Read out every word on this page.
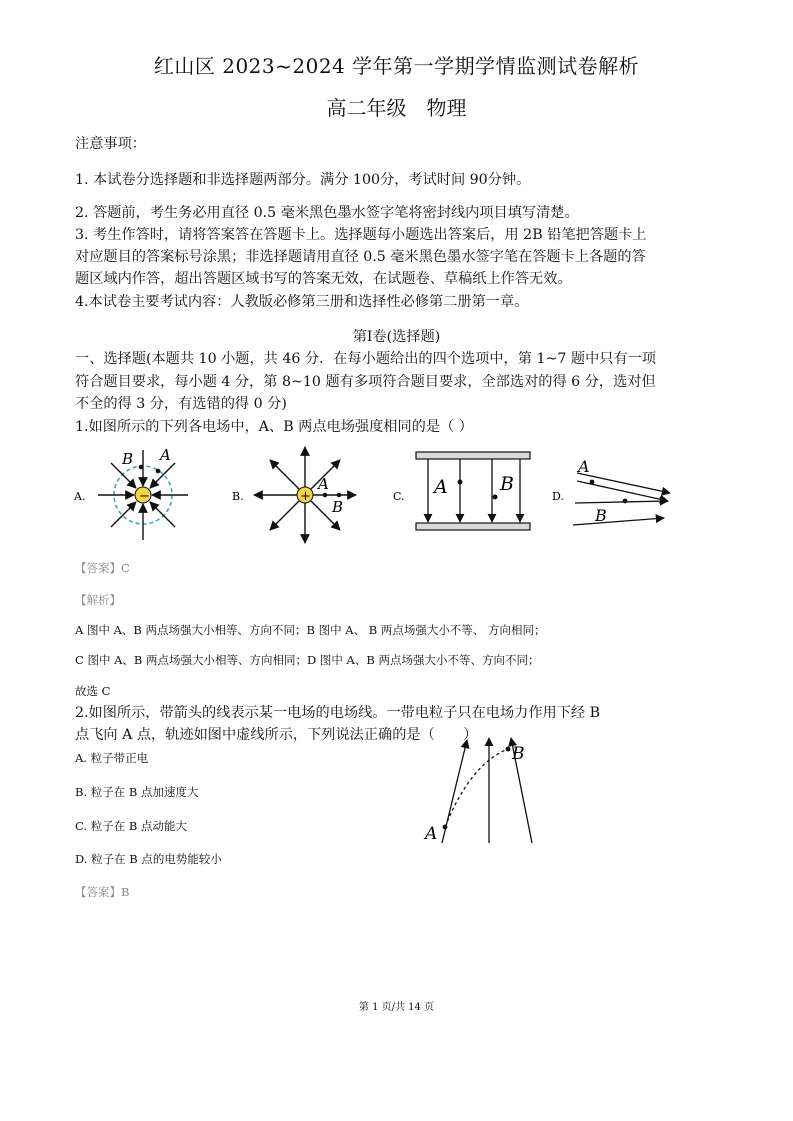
红山区 2023~2024 学年第一学期学情监测试卷解析
高二年级　物理
注意事项：
1. 本试卷分选择题和非选择题两部分。满分 100分，考试时间 90分钟。
2. 答题前，考生务必用直径 0.5 毫米黑色墨水签字笔将密封线内项目填写清楚。
3. 考生作答时，请将答案答在答题卡上。选择题每小题选出答案后，用 2B 铅笔把答题卡上
对应题目的答案标号涂黑；非选择题请用直径 0.5 毫米黑色墨水签字笔在答题卡上各题的答
题区域内作答，超出答题区域书写的答案无效，在试题卷、草稿纸上作答无效。
4.本试卷主要考试内容：人教版必修第三册和选择性必修第二册第一章。
第Ⅰ卷(选择题)
一、选择题(本题共 10 小题，共 46 分．在每小题给出的四个选项中，第 1~7 题中只有一项
符合题目要求，每小题 4 分，第 8~10 题有多项符合题目要求，全部选对的得 6 分，选对但
不全的得 3 分，有选错的得 0 分)
1.如图所示的下列各电场中，A、B 两点电场强度相同的是（ ）
A.	−
B A
B.	+
A
B
C. A	B
D.
A
B
【答案】C
【解析】
A 图中 A、B 两点场强大小相等、方向不同；B 图中 A、 B 两点场强大小不等、 方向相同；
C 图中 A、B 两点场强大小相等、方向相同；D 图中 A、B 两点场强大小不等、方向不同；
故选 C
2.如图所示，带箭头的线表示某一电场的电场线。一带电粒子只在电场力作用下经 B
点飞向 A 点，轨迹如图中虚线所示，下列说法正确的是（　　）
A. 粒子带正电
B. 粒子在 B 点加速度大
C. 粒子在 B 点动能大
D. 粒子在 B 点的电势能较小
A
B
【答案】B
第 1 页/共 14 页
